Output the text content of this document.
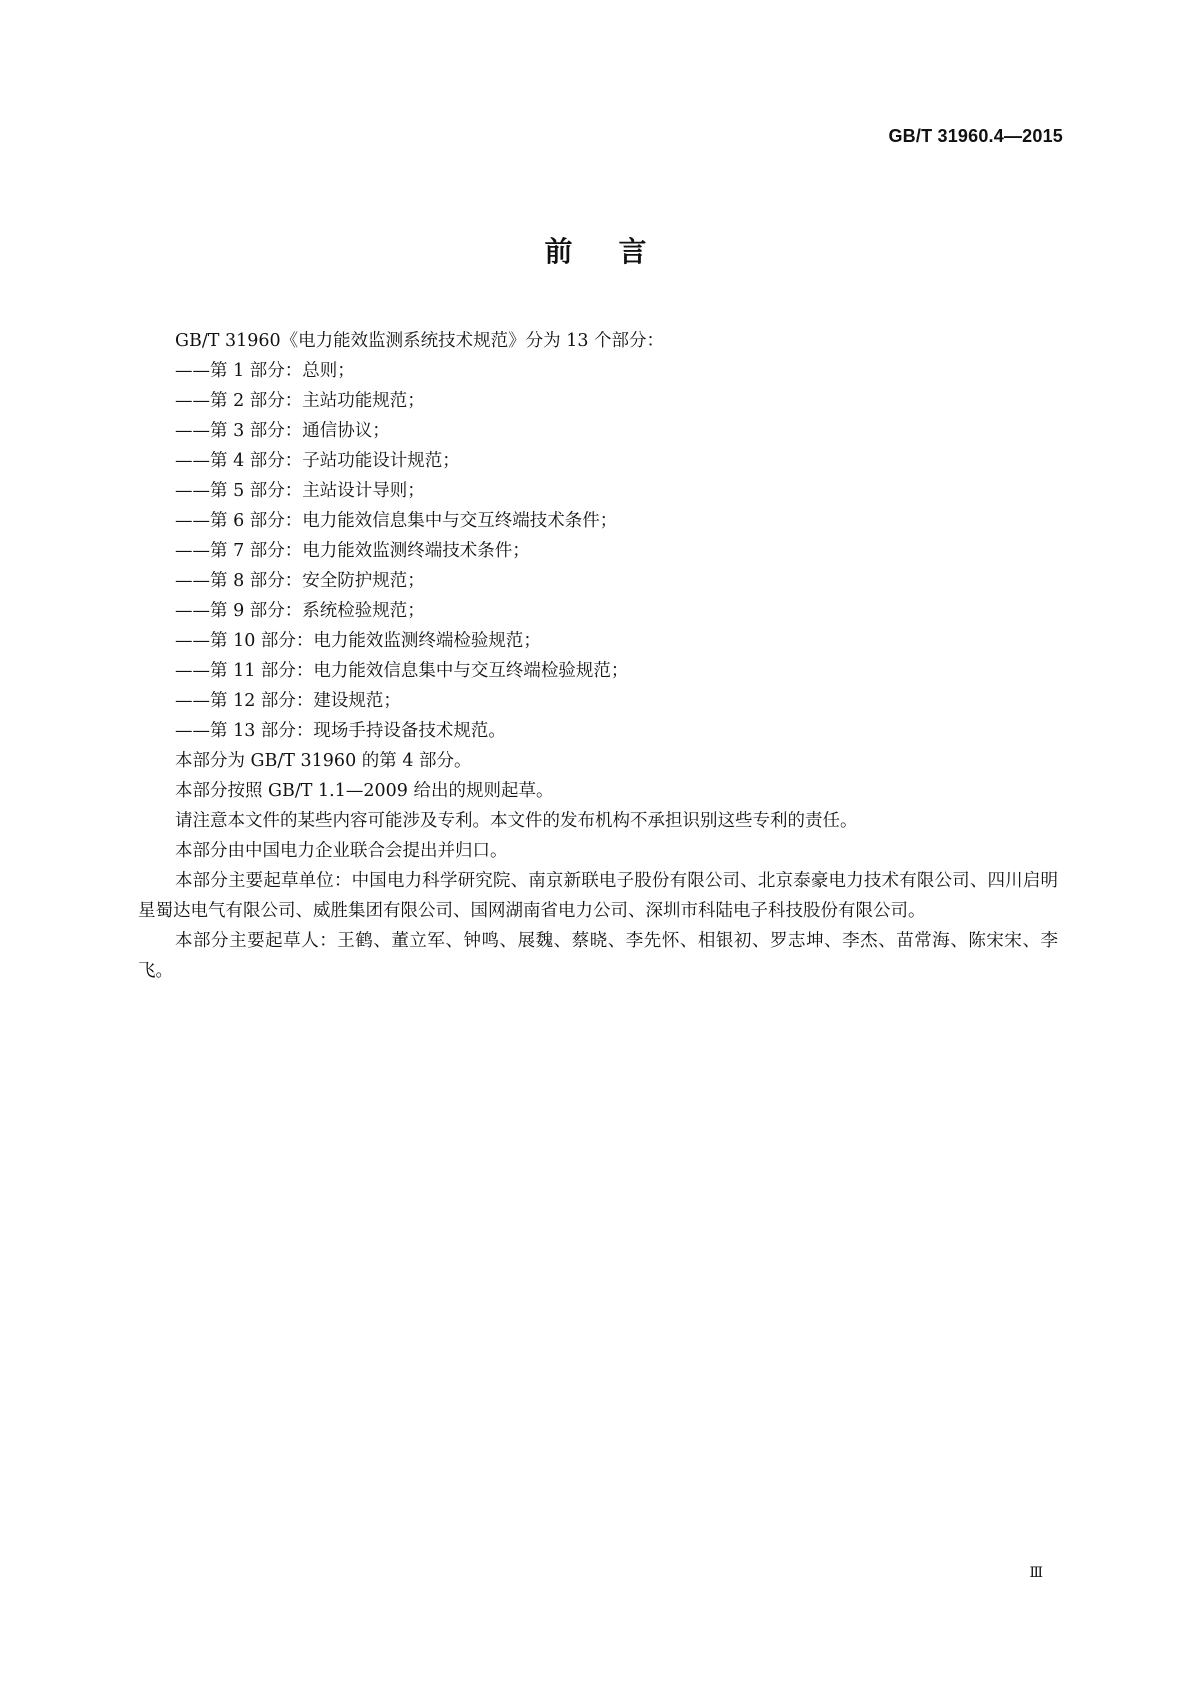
GB/T 31960.4—2015
前言

GB/T 31960《电力能效监测系统技术规范》分为 13 个部分：

——第 1 部分：总则；

——第 2 部分：主站功能规范；

——第 3 部分：通信协议；

——第 4 部分：子站功能设计规范；

——第 5 部分：主站设计导则；

——第 6 部分：电力能效信息集中与交互终端技术条件；

——第 7 部分：电力能效监测终端技术条件；

——第 8 部分：安全防护规范；

——第 9 部分：系统检验规范；

——第 10 部分：电力能效监测终端检验规范；

——第 11 部分：电力能效信息集中与交互终端检验规范；

——第 12 部分：建设规范；

——第 13 部分：现场手持设备技术规范。

本部分为 GB/T 31960 的第 4 部分。

本部分按照 GB/T 1.1—2009 给出的规则起草。

请注意本文件的某些内容可能涉及专利。本文件的发布机构不承担识别这些专利的责任。

本部分由中国电力企业联合会提出并归口。

本部分主要起草单位：中国电力科学研究院、南京新联电子股份有限公司、北京泰豪电力技术有限公司、四川启明星蜀达电气有限公司、威胜集团有限公司、国网湖南省电力公司、深圳市科陆电子科技股份有限公司。

本部分主要起草人：王鹤、董立军、钟鸣、展魏、蔡晓、李先怀、相银初、罗志坤、李杰、苗常海、陈宋宋、李飞。

Ⅲ
